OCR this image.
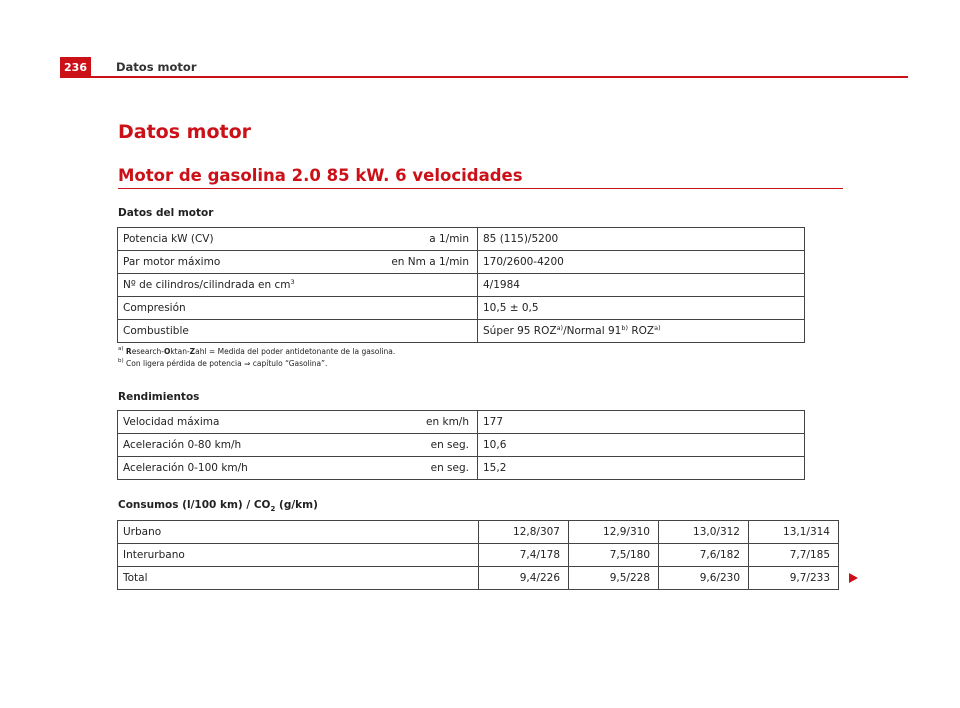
236	Datos motor
Datos motor
Motor de gasolina 2.0 85 kW. 6 velocidades
Datos del motor
Potencia kW (CV)	a 1/min	85 (115)/5200
Par motor máximo	en Nm a 1/min	170/2600-4200
Nº de cilindros/cilindrada en $cm^3$		4/1984
Compresión		10,5 ± 0,5
Combustible		Súper 95 ROZ$^{a)}$/Normal 91$^{b)}$ ROZ$^{a)}$
$^{a)}$ Research-Oktan-Zahl = Medida del poder antidetonante de la gasolina.
$^{b)}$ Con ligera pérdida de potencia ⇒ capítulo “Gasolina”.
Rendimientos
Velocidad máxima	en km/h	177
Aceleración 0-80 km/h	en seg.	10,6
Aceleración 0-100 km/h	en seg.	15,2
Consumos (l/100 $km) / CO_2$ (g/km)
Urbano	12,8/307	12,9/310	13,0/312	13,1/314
Interurbano	7,4/178	7,5/180	7,6/182	7,7/185
Total	9,4/226	9,5/228	9,6/230	9,7/233
